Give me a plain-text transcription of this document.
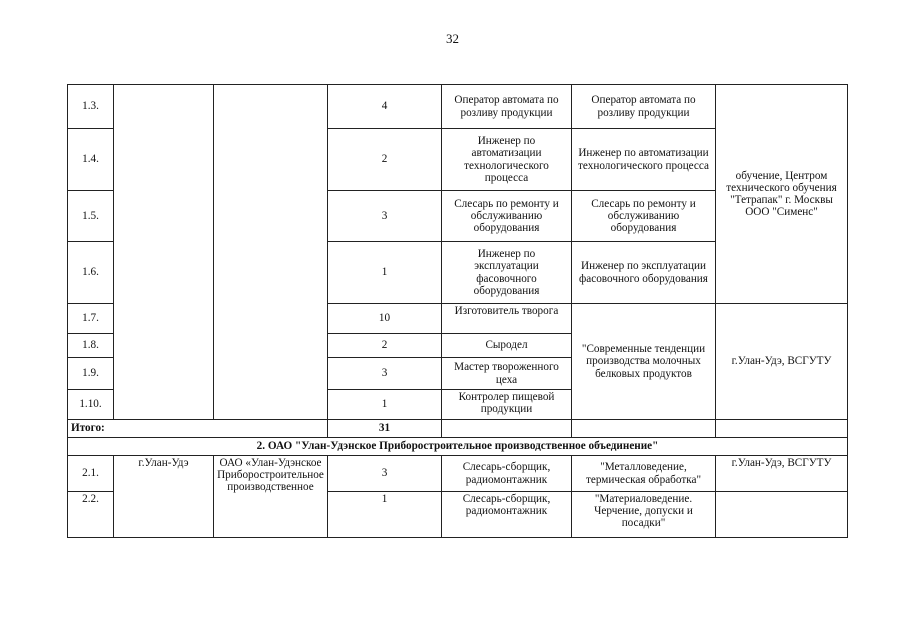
32
1.3.			4	Оператор автомата по розливу продукции	Оператор автомата по розливу продукции	обучение, Центром технического обучения "Тетрапак" г. Москвы ООО "Сименс"
1.4.			2	Инженер по автоматизации технологического процесса	Инженер по автоматизации технологического процесса	
1.5.			3	Слесарь по ремонту и обслуживанию оборудования	Слесарь по ремонту и обслуживанию оборудования	
1.6.			1	Инженер по эксплуатации фасовочного оборудования	Инженер по эксплуатации фасовочного оборудования	
1.7.			10	Изготовитель творога	"Современные тенденции производства молочных белковых продуктов	г.Улан-Удэ, ВСГУТУ
1.8.			2	Сыродел		
1.9.			3	Мастер твороженного цеха		
1.10.			1	Контролер пищевой продукции		
Итого:			31			
2. ОАО "Улан-Удэнское Приборостроительное производственное объединение"						
2.1.	г.Улан-Удэ	ОАО «Улан-Удэнское Приборостроительное производственное	3	Слесарь-сборщик, радиомонтажник	"Металловедение, термическая обработка"	г.Улан-Удэ, ВСГУТУ
2.2.			1	Слесарь-сборщик, радиомонтажник	"Материаловедение. Черчение, допуски и посадки"	
